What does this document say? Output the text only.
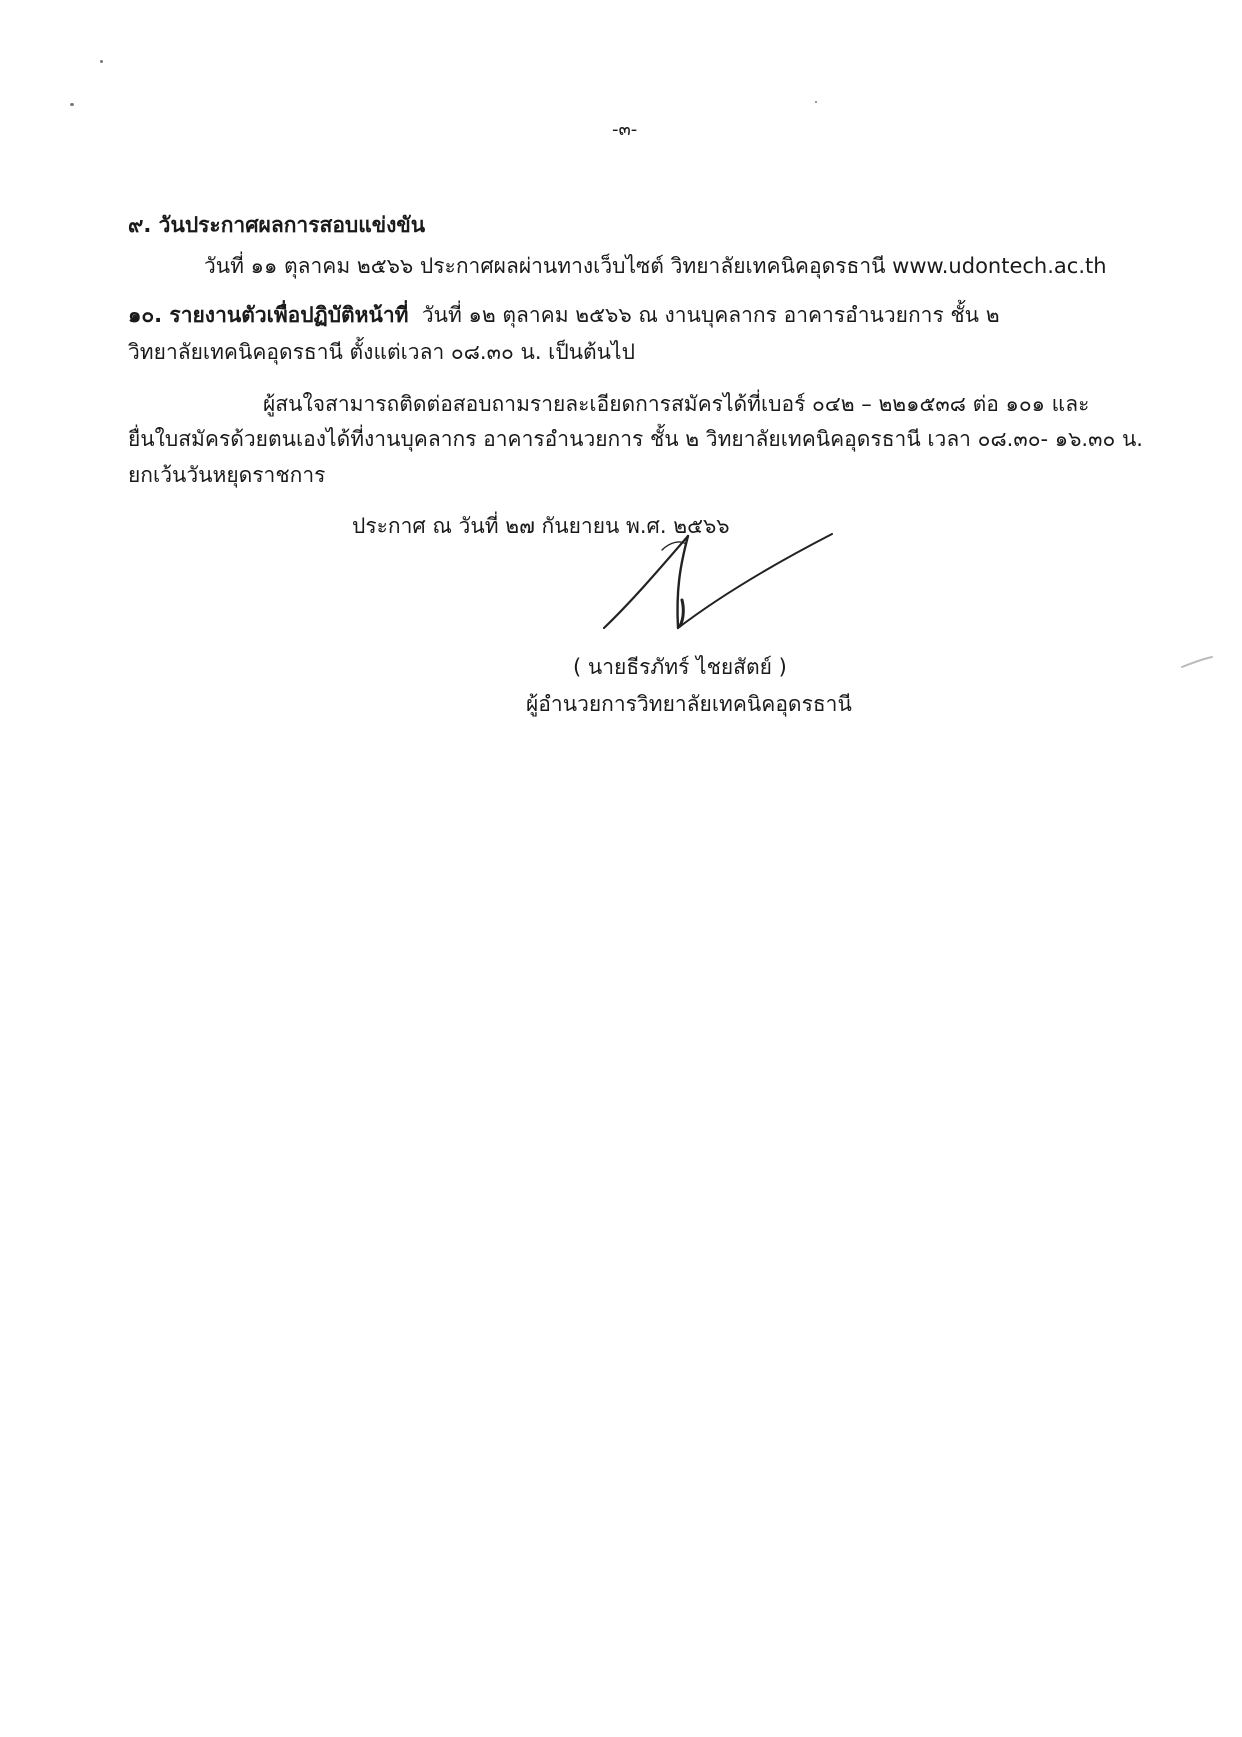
-๓-
๙. วันประกาศผลการสอบแข่งขัน
วันที่ ๑๑ ตุลาคม ๒๕๖๖ ประกาศผลผ่านทางเว็บไซต์ วิทยาลัยเทคนิคอุดรธานี www.udontech.ac.th
๑๐. รายงานตัวเพื่อปฏิบัติหน้าที่ วันที่ ๑๒ ตุลาคม ๒๕๖๖ ณ งานบุคลากร อาคารอำนวยการ ชั้น ๒
วิทยาลัยเทคนิคอุดรธานี ตั้งแต่เวลา ๐๘.๓๐ น. เป็นต้นไป
ผู้สนใจสามารถติดต่อสอบถามรายละเอียดการสมัครได้ที่เบอร์ ๐๔๒ – ๒๒๑๕๓๘ ต่อ ๑๐๑ และ
ยื่นใบสมัครด้วยตนเองได้ที่งานบุคลากร อาคารอำนวยการ ชั้น ๒ วิทยาลัยเทคนิคอุดรธานี เวลา ๐๘.๓๐- ๑๖.๓๐ น.
ยกเว้นวันหยุดราชการ
ประกาศ ณ วันที่ ๒๗ กันยายน พ.ศ. ๒๕๖๖
( นายธีรภัทร์ ไชยสัตย์ )
ผู้อำนวยการวิทยาลัยเทคนิคอุดรธานี
